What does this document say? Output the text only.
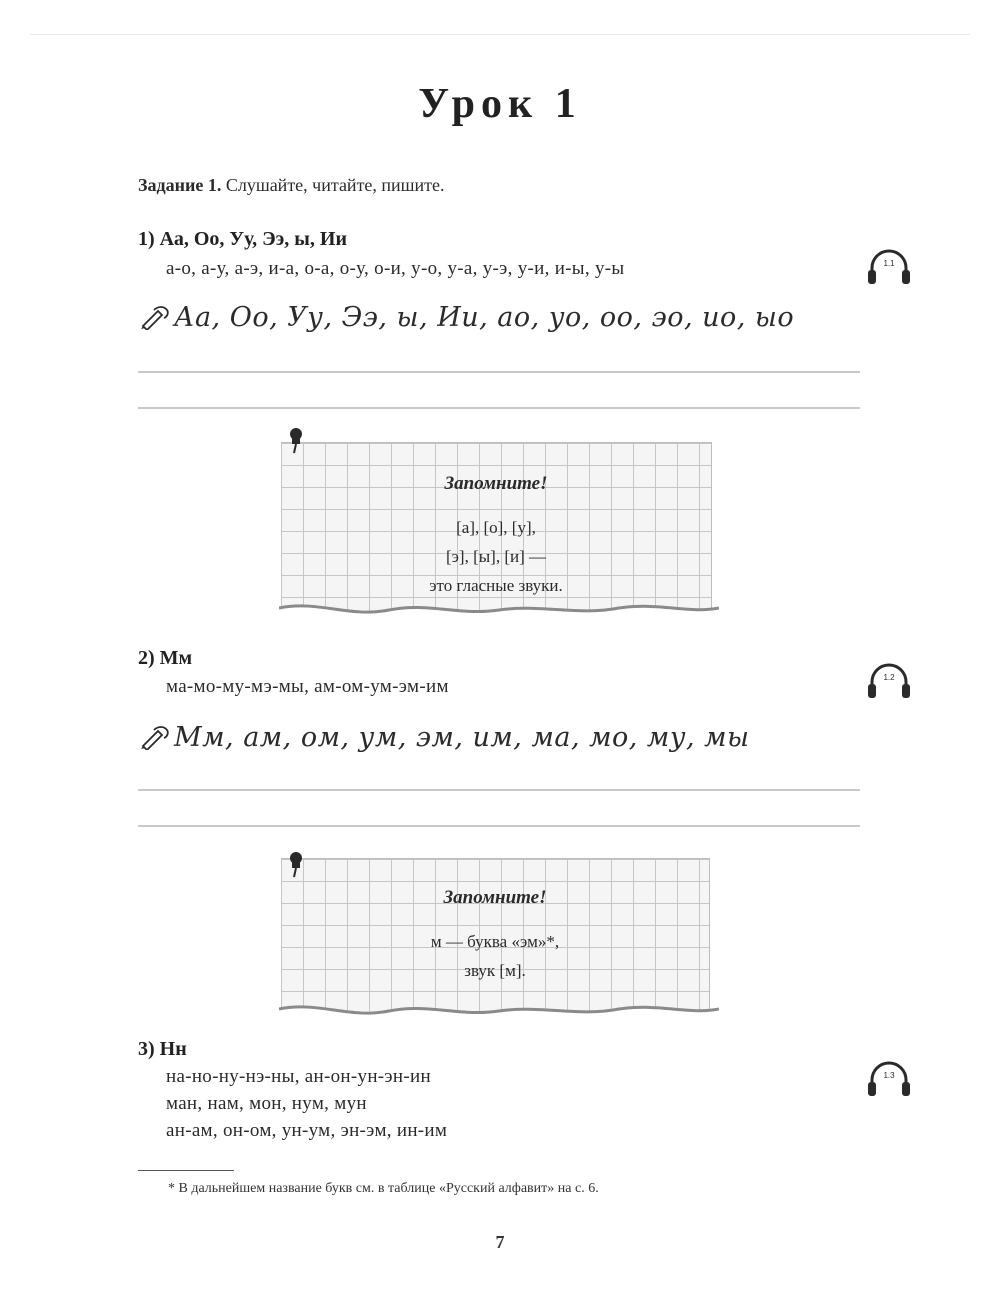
Урок 1
Задание 1. Слушайте, читайте, пишите.
1) Аа, Оо, Уу, Ээ, ы, Ии
а-о, а-у, а-э, и-а, о-а, о-у, о-и, у-о, у-а, у-э, у-и, и-ы, у-ы	1.1
Аа, Оо, Уу, Ээ, ы, Ии, ао, уо, оо, эо, ио, ыо
Запомните!
[а], [о], [у],
[э], [ы], [и] —
это гласные звуки.
2) Мм
ма-мо-му-мэ-мы, ам-ом-ум-эм-им	1.2
Мм, ам, ом, ум, эм, им, ма, мо, му, мы
Запомните!
м — буква «эм»*,
звук [м].
3) Нн
на-но-ну-нэ-ны, ан-он-ун-эн-ин
ман, нам, мон, нум, мун
ан-ам, он-ом, ун-ум, эн-эм, ин-им
1.3
* В дальнейшем название букв см. в таблице «Русский алфавит» на с. 6.
7
